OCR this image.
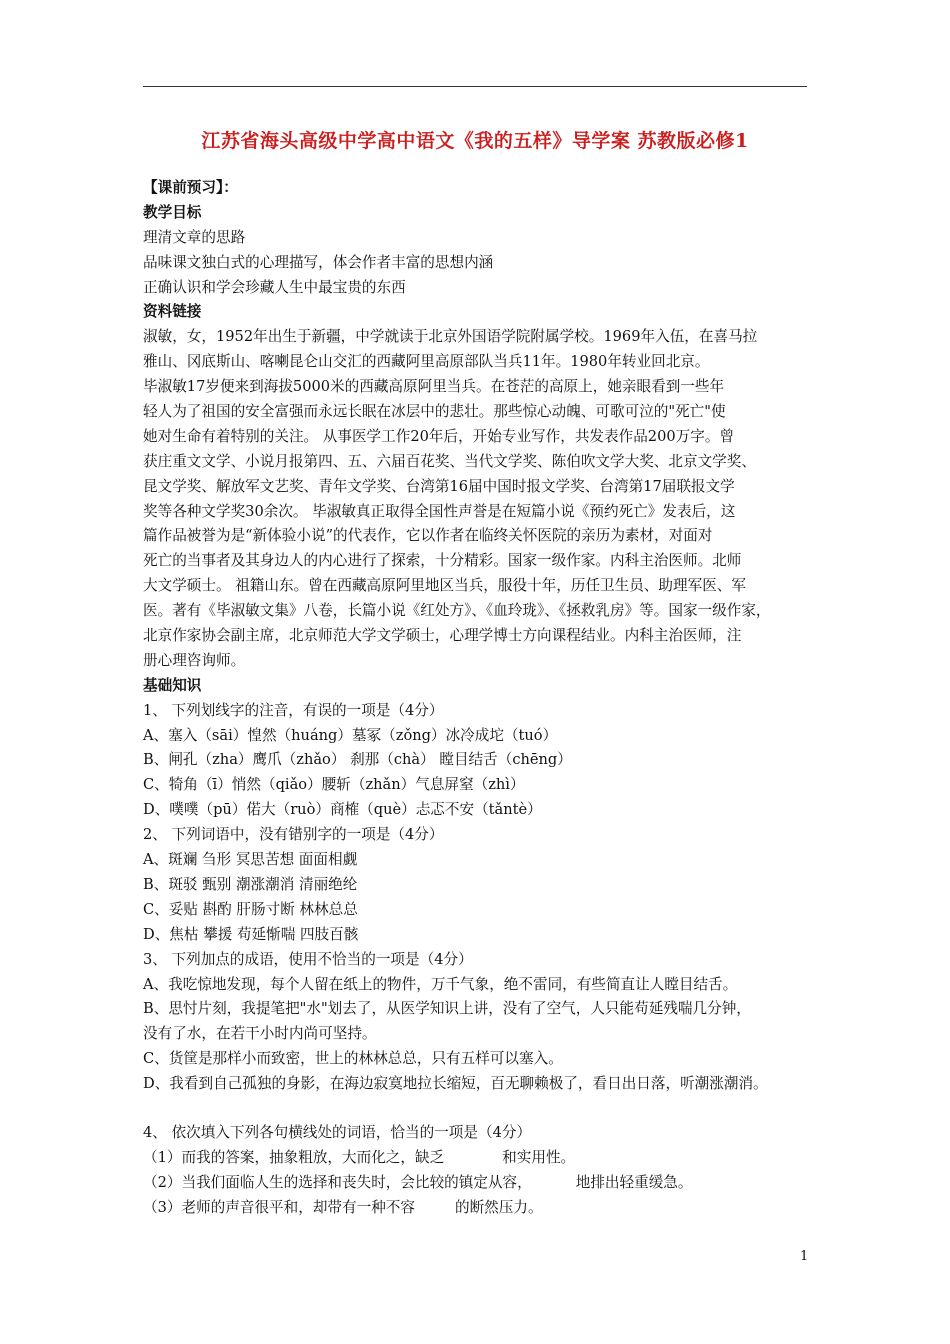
江苏省海头高级中学高中语文《我的五样》导学案 苏教版必修1
【课前预习】：
教学目标
理清文章的思路
品味课文独白式的心理描写，体会作者丰富的思想内涵
正确认识和学会珍藏人生中最宝贵的东西
资料链接
淑敏，女，1952年出生于新疆，中学就读于北京外国语学院附属学校。1969年入伍，在喜马拉
雅山、冈底斯山、喀喇昆仑山交汇的西藏阿里高原部队当兵11年。1980年转业回北京。
毕淑敏17岁便来到海拔5000米的西藏高原阿里当兵。在苍茫的高原上，她亲眼看到一些年
轻人为了祖国的安全富强而永远长眠在冰层中的悲壮。那些惊心动魄、可歌可泣的"死亡"使
她对生命有着特别的关注。 从事医学工作20年后，开始专业写作，共发表作品200万字。曾
获庄重文文学、小说月报第四、五、六届百花奖、当代文学奖、陈伯吹文学大奖、北京文学奖、
昆文学奖、解放军文艺奖、青年文学奖、台湾第16届中国时报文学奖、台湾第17届联报文学
奖等各种文学奖30余次。 毕淑敏真正取得全国性声誉是在短篇小说《预约死亡》发表后，这
篇作品被誉为是“新体验小说”的代表作，它以作者在临终关怀医院的亲历为素材，对面对
死亡的当事者及其身边人的内心进行了探索，十分精彩。国家一级作家。内科主治医师。北师
大文学硕士。 祖籍山东。曾在西藏高原阿里地区当兵，服役十年，历任卫生员、助理军医、军
医。著有《毕淑敏文集》八卷，长篇小说《红处方》、《血玲珑》、《拯救乳房》等。国家一级作家，
北京作家协会副主席，北京师范大学文学硕士，心理学博士方向课程结业。内科主治医师，注
册心理咨询师。
基础知识
1、 下列划线字的注音，有误的一项是（4分）
A、塞入（sāi）惶然（huáng）墓冢（zǒng）冰冷成坨（tuó）
B、闸孔（zha）鹰爪（zhǎo） 刹那（chà） 瞠目结舌（chēng）
C、犄角（ī）悄然（qiǎo）腰斩（zhǎn）气息屏窒（zhì）
D、噗噗（pū）偌大（ruò）商榷（què）忐忑不安（tǎntè）
2、 下列词语中，没有错别字的一项是（4分）
A、斑斓 刍形 冥思苦想 面面相觑
B、斑驳 甄别 潮涨潮消 清丽绝纶
C、妥贴 斟酌 肝肠寸断 林林总总
D、焦枯 攀援 苟延惭喘 四肢百骸
3、 下列加点的成语，使用不恰当的一项是（4分）
A、我吃惊地发现，每个人留在纸上的物件，万千气象，绝不雷同，有些简直让人瞠目结舌。
B、思忖片刻，我提笔把"水"划去了，从医学知识上讲，没有了空气，人只能苟延残喘几分钟，
没有了水，在若干小时内尚可坚持。
C、货筐是那样小而致密，世上的林林总总，只有五样可以塞入。
D、我看到自己孤独的身影，在海边寂寞地拉长缩短，百无聊赖极了，看日出日落，听潮涨潮消。
4、 依次填入下列各句横线处的词语，恰当的一项是（4分）
（1）而我的答案，抽象粗放，大而化之，缺乏	和实用性。
（2）当我们面临人生的选择和丧失时，会比较的镇定从容，	地排出轻重缓急。
（3）老师的声音很平和，却带有一种不容	的断然压力。
1
